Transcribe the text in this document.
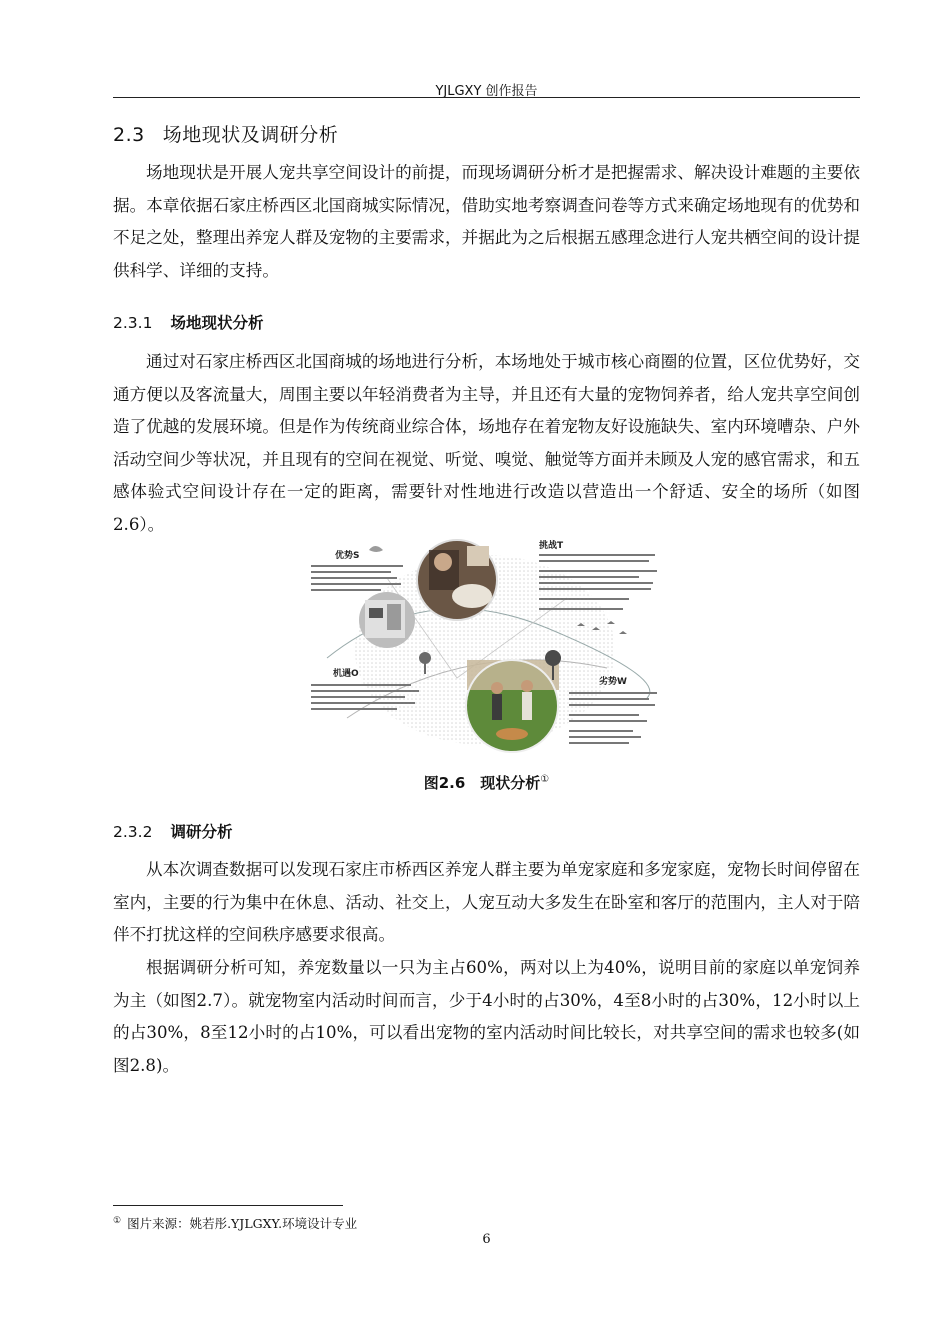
YJLGXY 创作报告
2.3 场地现状及调研分析
场地现状是开展人宠共享空间设计的前提，而现场调研分析才是把握需求、解决设计难题的主要依据。本章依据石家庄桥西区北国商城实际情况，借助实地考察调查问卷等方式来确定场地现有的优势和不足之处，整理出养宠人群及宠物的主要需求，并据此为之后根据五感理念进行人宠共栖空间的设计提供科学、详细的支持。
2.3.1 场地现状分析
通过对石家庄桥西区北国商城的场地进行分析，本场地处于城市核心商圈的位置，区位优势好，交通方便以及客流量大，周围主要以年轻消费者为主导，并且还有大量的宠物饲养者，给人宠共享空间创造了优越的发展环境。但是作为传统商业综合体，场地存在着宠物友好设施缺失、室内环境嘈杂、户外活动空间少等状况，并且现有的空间在视觉、听觉、嗅觉、触觉等方面并未顾及人宠的感官需求，和五感体验式空间设计存在一定的距离，需要针对性地进行改造以营造出一个舒适、安全的场所（如图2.6）。
优势S
挑战T
机遇O
劣势W
图2.6　现状分析①
2.3.2 调研分析
从本次调查数据可以发现石家庄市桥西区养宠人群主要为单宠家庭和多宠家庭，宠物长时间停留在室内，主要的行为集中在休息、活动、社交上，人宠互动大多发生在卧室和客厅的范围内，主人对于陪伴不打扰这样的空间秩序感要求很高。
根据调研分析可知，养宠数量以一只为主占60%，两对以上为40%，说明目前的家庭以单宠饲养为主（如图2.7）。就宠物室内活动时间而言，少于4小时的占30%，4至8小时的占30%，12小时以上的占30%，8至12小时的占10%，可以看出宠物的室内活动时间比较长，对共享空间的需求也较多(如图2.8)。
① 图片来源：姚若彤.YJLGXY.环境设计专业
6
